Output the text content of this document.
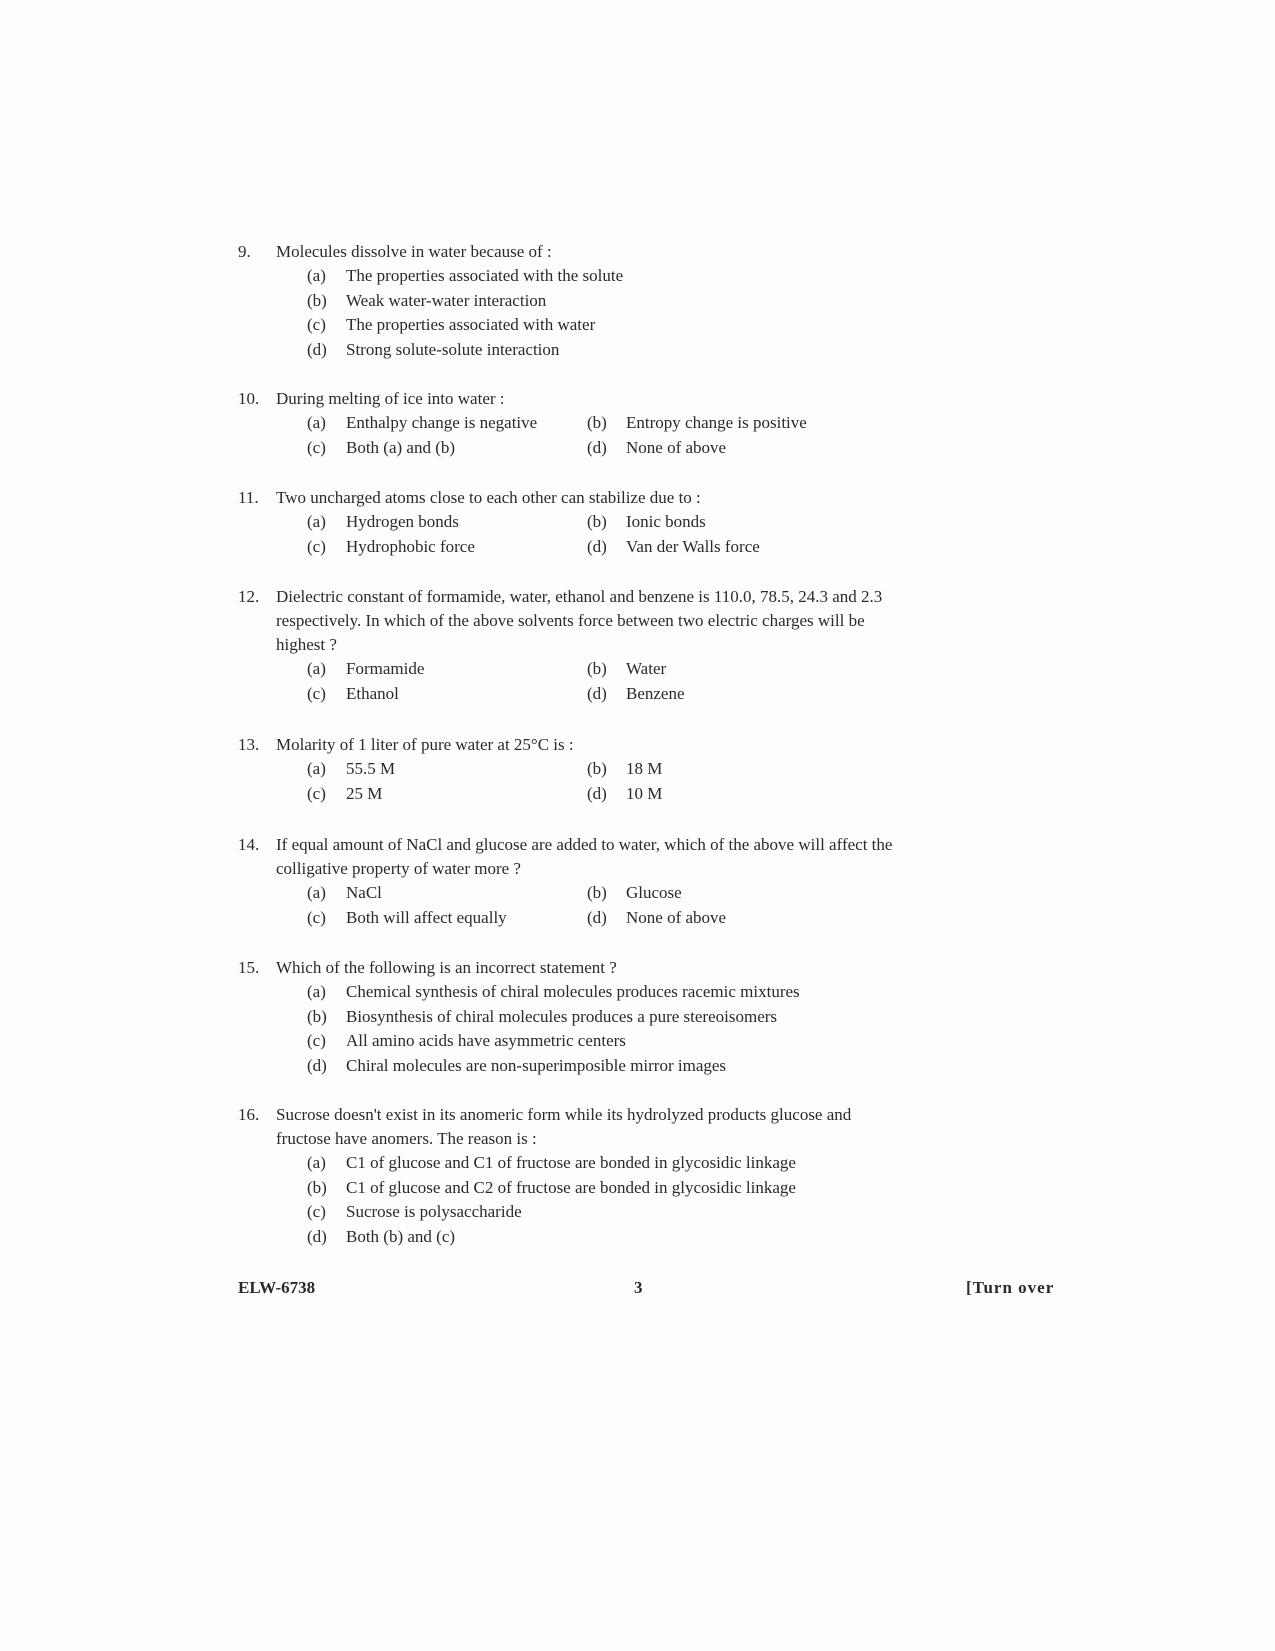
9.	Molecules dissolve in water because of :
(a)	The properties associated with the solute
(b)	Weak water-water interaction
(c)	The properties associated with water
(d)	Strong solute-solute interaction
10. During melting of ice into water :
(a)	Enthalpy change is negative	(b)	Entropy change is positive
(c)	Both (a) and (b)	(d)	None of above
11.	Two uncharged atoms close to each other can stabilize due to :
(a)	Hydrogen bonds	(b)	Ionic bonds
(c)	Hydrophobic force	(d)	Van der Walls force
12. Dielectric constant of formamide, water, ethanol and benzene is 110.0, 78.5, 24.3 and 2.3 respectively. In which of the above solvents force between two electric charges will be highest ?
(a)	Formamide	(b)	Water
(c)	Ethanol	(d)	Benzene
13. Molarity of 1 liter of pure water at 25°C is :
(a)	55.5 M	(b)	18 M
(c)	25 M	(d)	10 M
14. If equal amount of NaCl and glucose are added to water, which of the above will affect the colligative property of water more ?
(a)	NaCl	(b)	Glucose
(c)	Both will affect equally	(d)	None of above
15. Which of the following is an incorrect statement ?
(a)	Chemical synthesis of chiral molecules produces racemic mixtures
(b)	Biosynthesis of chiral molecules produces a pure stereoisomers
(c)	All amino acids have asymmetric centers
(d)	Chiral molecules are non-superimposible mirror images
16. Sucrose doesn't exist in its anomeric form while its hydrolyzed products glucose and fructose have anomers. The reason is :
(a)	C1 of glucose and C1 of fructose are bonded in glycosidic linkage
(b)	C1 of glucose and C2 of fructose are bonded in glycosidic linkage
(c)	Sucrose is polysaccharide
(d)	Both (b) and (c)
ELW-6738	3	[Turn over
